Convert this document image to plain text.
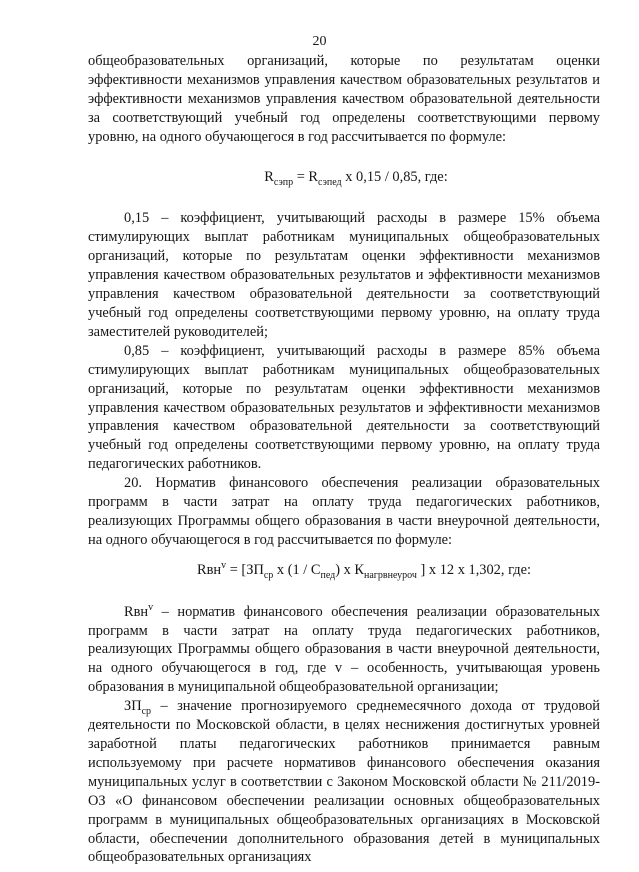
20

общеобразовательных организаций, которые по результатам оценки эффективности механизмов управления качеством образовательных результатов и эффективности механизмов управления качеством образовательной деятельности за соответствующий учебный год определены соответствующими первому уровню, на одного обучающегося в год рассчитывается по формуле:

$R_{сэпр} = R_{сэпед}$ x 0,15 / 0,85, где:

0,15 – коэффициент, учитывающий расходы в размере 15% объема стимулирующих выплат работникам муниципальных общеобразовательных организаций, которые по результатам оценки эффективности механизмов управления качеством образовательных результатов и эффективности механизмов управления качеством образовательной деятельности за соответствующий учебный год определены соответствующими первому уровню, на оплату труда заместителей руководителей;

0,85 – коэффициент, учитывающий расходы в размере 85% объема стимулирующих выплат работникам муниципальных общеобразовательных организаций, которые по результатам оценки эффективности механизмов управления качеством образовательных результатов и эффективности механизмов управления качеством образовательной деятельности за соответствующий учебный год определены соответствующими первому уровню, на оплату труда педагогических работников.

20. Норматив финансового обеспечения реализации образовательных программ в части затрат на оплату труда педагогических работников, реализующих Программы общего образования в части внеурочной деятельности, на одного обучающегося в год рассчитывается по формуле:

$Rвн^v = [ЗП_{ср}$ x $(1 / С_{пед})$ x $К_{нагрвнеуроч}$ ] x 12 x 1,302, где:

Rвн$^v$ – норматив финансового обеспечения реализации образовательных программ в части затрат на оплату труда педагогических работников, реализующих Программы общего образования в части внеурочной деятельности, на одного обучающегося в год, где v – особенность, учитывающая уровень образования в муниципальной общеобразовательной организации;

$ЗП_{ср}$ – значение прогнозируемого среднемесячного дохода от трудовой деятельности по Московской области, в целях неснижения достигнутых уровней заработной платы педагогических работников принимается равным используемому при расчете нормативов финансового обеспечения оказания муниципальных услуг в соответствии с Законом Московской области № 211/2019-ОЗ «О финансовом обеспечении реализации основных общеобразовательных программ в муниципальных общеобразовательных организациях в Московской области, обеспечении дополнительного образования детей в муниципальных общеобразовательных организациях
